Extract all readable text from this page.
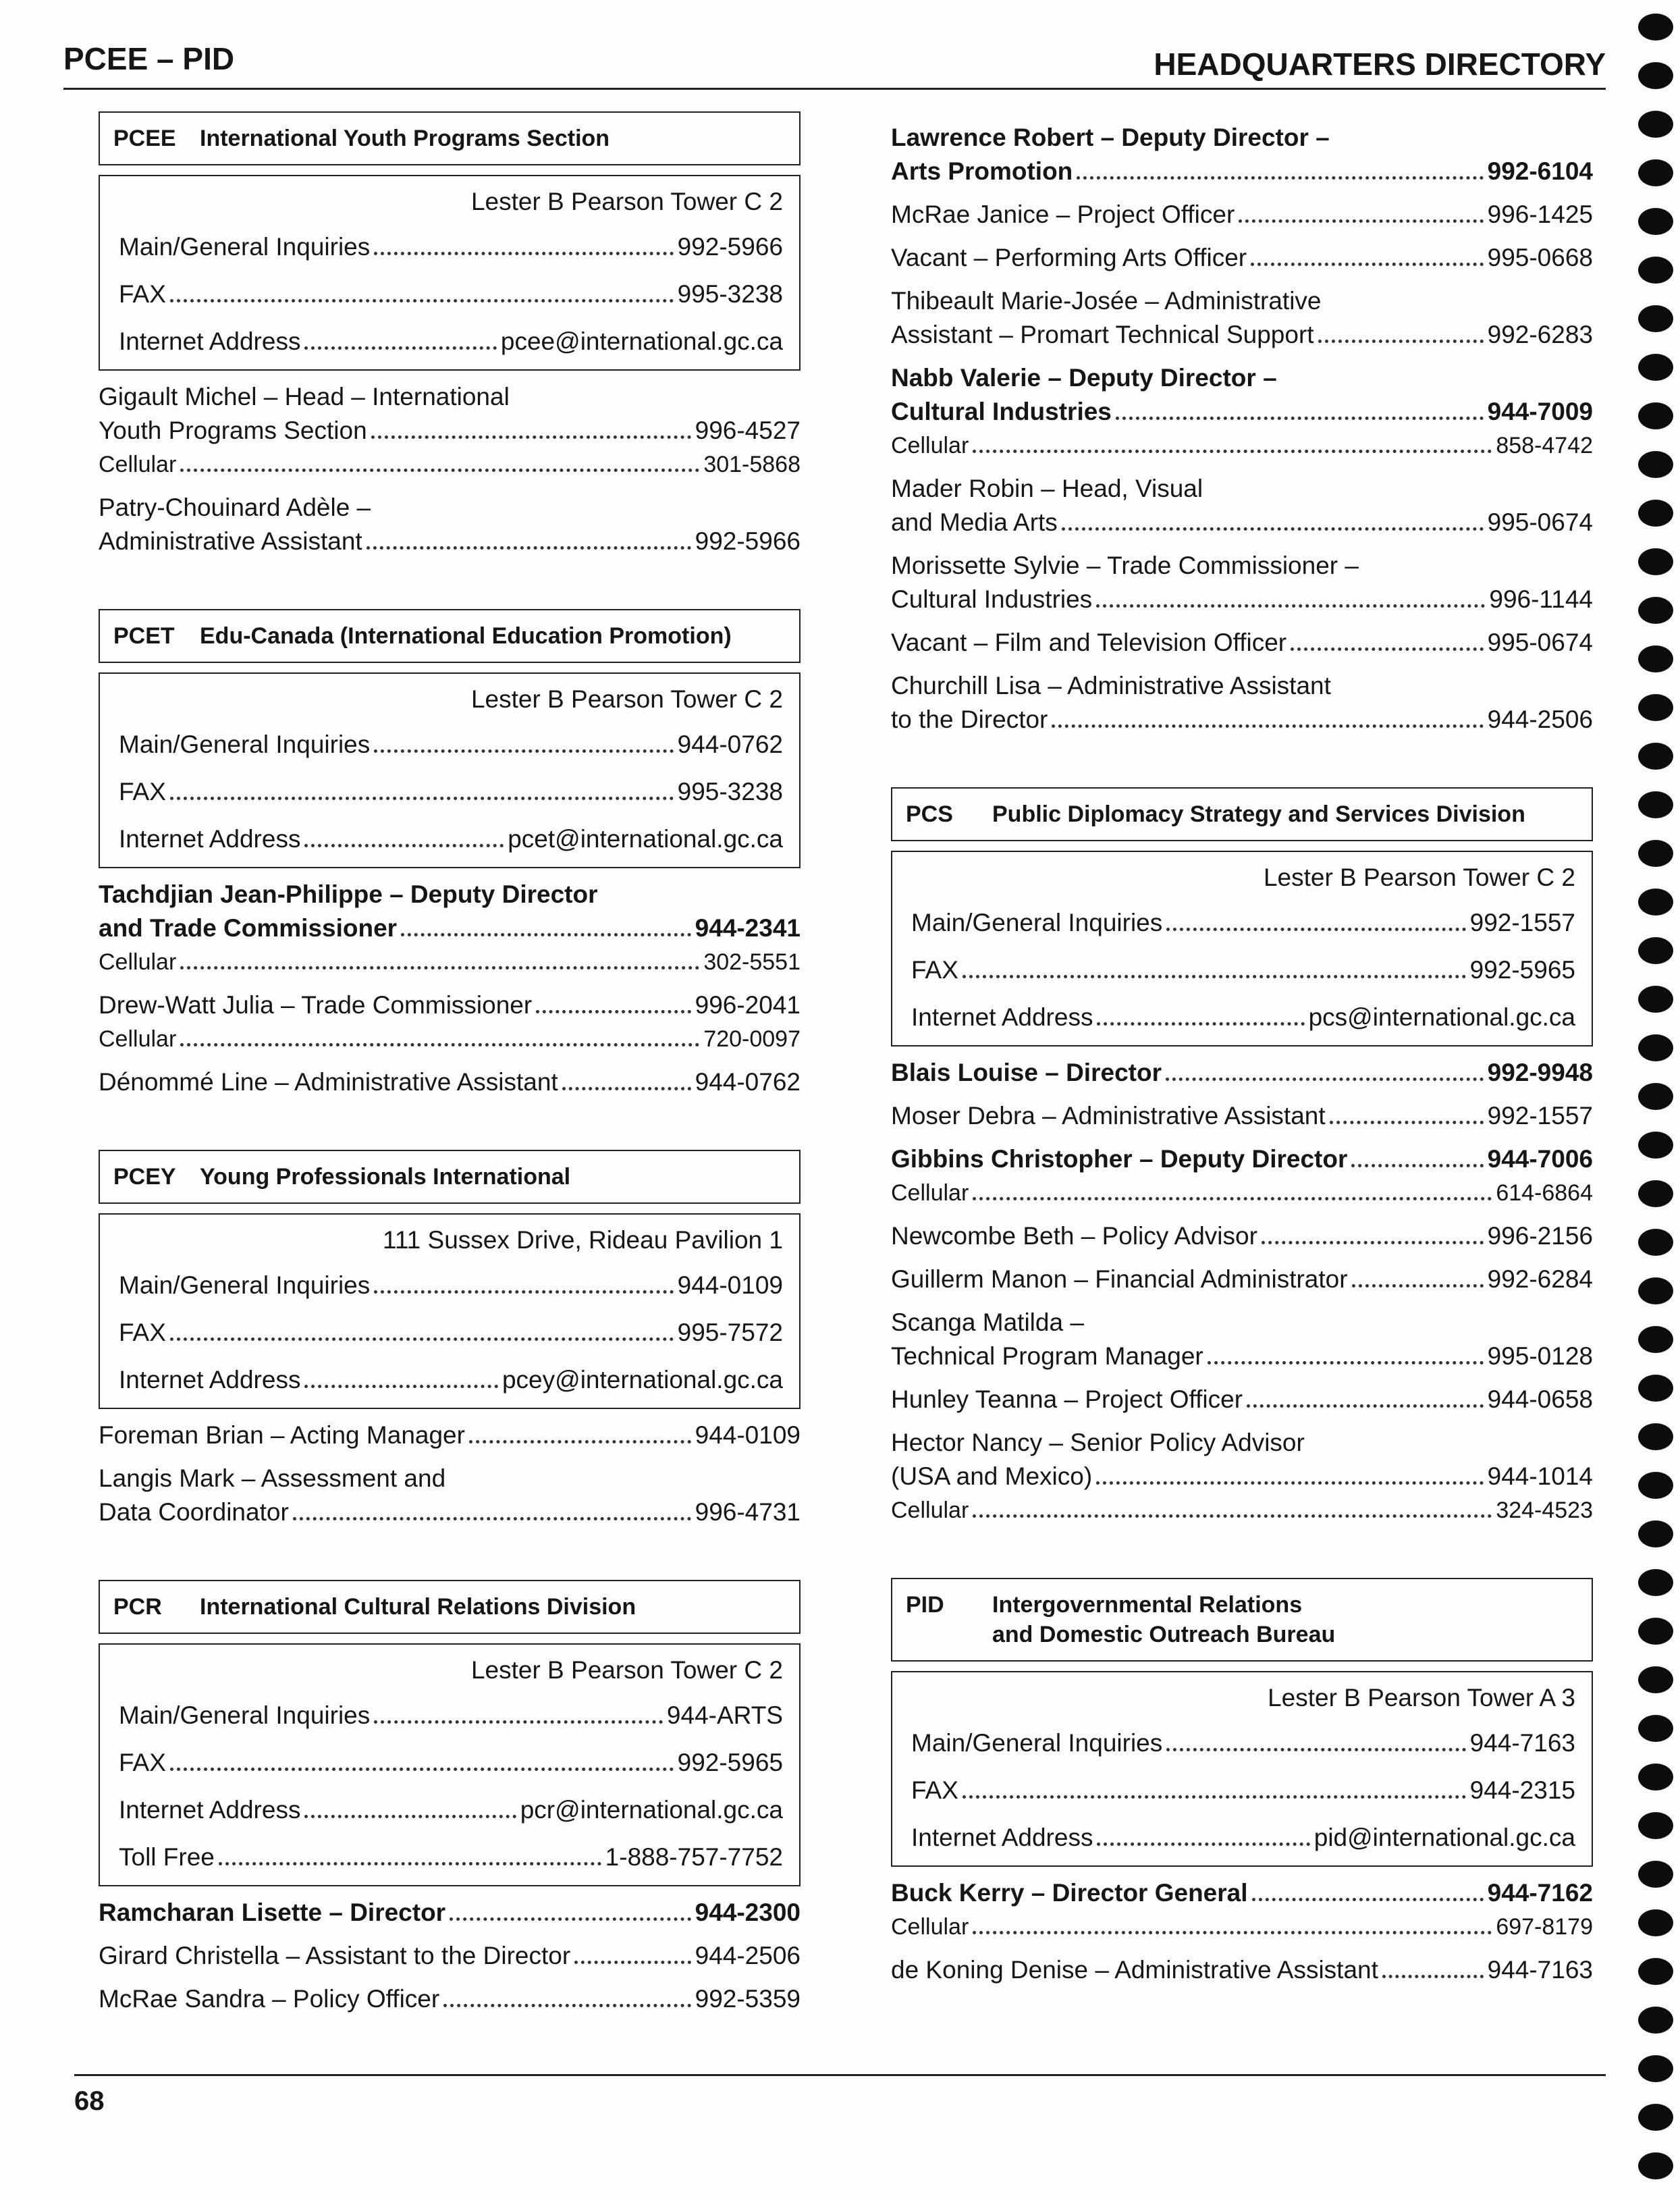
PCEE – PID	HEADQUARTERS DIRECTORY
PCEE	International Youth Programs Section
Lester B Pearson Tower C 2
Main/General Inquiries	992-5966
FAX	995-3238
Internet Address	pcee@international.gc.ca
Gigault Michel – Head – International
Youth Programs Section	996-4527
Cellular	301-5868
Patry-Chouinard Adèle –
Administrative Assistant	992-5966
PCET	Edu-Canada (International Education Promotion)
Lester B Pearson Tower C 2
Main/General Inquiries	944-0762
FAX	995-3238
Internet Address	pcet@international.gc.ca
Tachdjian Jean-Philippe – Deputy Director
and Trade Commissioner	944-2341
Cellular	302-5551
Drew-Watt Julia – Trade Commissioner	996-2041
Cellular	720-0097
Dénommé Line – Administrative Assistant	944-0762
PCEY	Young Professionals International
111 Sussex Drive, Rideau Pavilion 1
Main/General Inquiries	944-0109
FAX	995-7572
Internet Address	pcey@international.gc.ca
Foreman Brian – Acting Manager	944-0109
Langis Mark – Assessment and
Data Coordinator	996-4731
PCR	International Cultural Relations Division
Lester B Pearson Tower C 2
Main/General Inquiries	944-ARTS
FAX	992-5965
Internet Address	pcr@international.gc.ca
Toll Free	1-888-757-7752
Ramcharan Lisette – Director	944-2300
Girard Christella – Assistant to the Director	944-2506
McRae Sandra – Policy Officer	992-5359
Lawrence Robert – Deputy Director –
Arts Promotion	992-6104
McRae Janice – Project Officer	996-1425
Vacant – Performing Arts Officer	995-0668
Thibeault Marie-Josée – Administrative
Assistant – Promart Technical Support	992-6283
Nabb Valerie – Deputy Director –
Cultural Industries	944-7009
Cellular	858-4742
Mader Robin – Head, Visual
and Media Arts	995-0674
Morissette Sylvie – Trade Commissioner –
Cultural Industries	996-1144
Vacant – Film and Television Officer	995-0674
Churchill Lisa – Administrative Assistant
to the Director	944-2506
PCS	Public Diplomacy Strategy and Services Division
Lester B Pearson Tower C 2
Main/General Inquiries	992-1557
FAX	992-5965
Internet Address	pcs@international.gc.ca
Blais Louise – Director	992-9948
Moser Debra – Administrative Assistant	992-1557
Gibbins Christopher – Deputy Director	944-7006
Cellular	614-6864
Newcombe Beth – Policy Advisor	996-2156
Guillerm Manon – Financial Administrator	992-6284
Scanga Matilda –
Technical Program Manager	995-0128
Hunley Teanna – Project Officer	944-0658
Hector Nancy – Senior Policy Advisor
(USA and Mexico)	944-1014
Cellular	324-4523
PID	Intergovernmental Relations
and Domestic Outreach Bureau
Lester B Pearson Tower A 3
Main/General Inquiries	944-7163
FAX	944-2315
Internet Address	pid@international.gc.ca
Buck Kerry – Director General	944-7162
Cellular	697-8179
de Koning Denise – Administrative Assistant	944-7163
68
